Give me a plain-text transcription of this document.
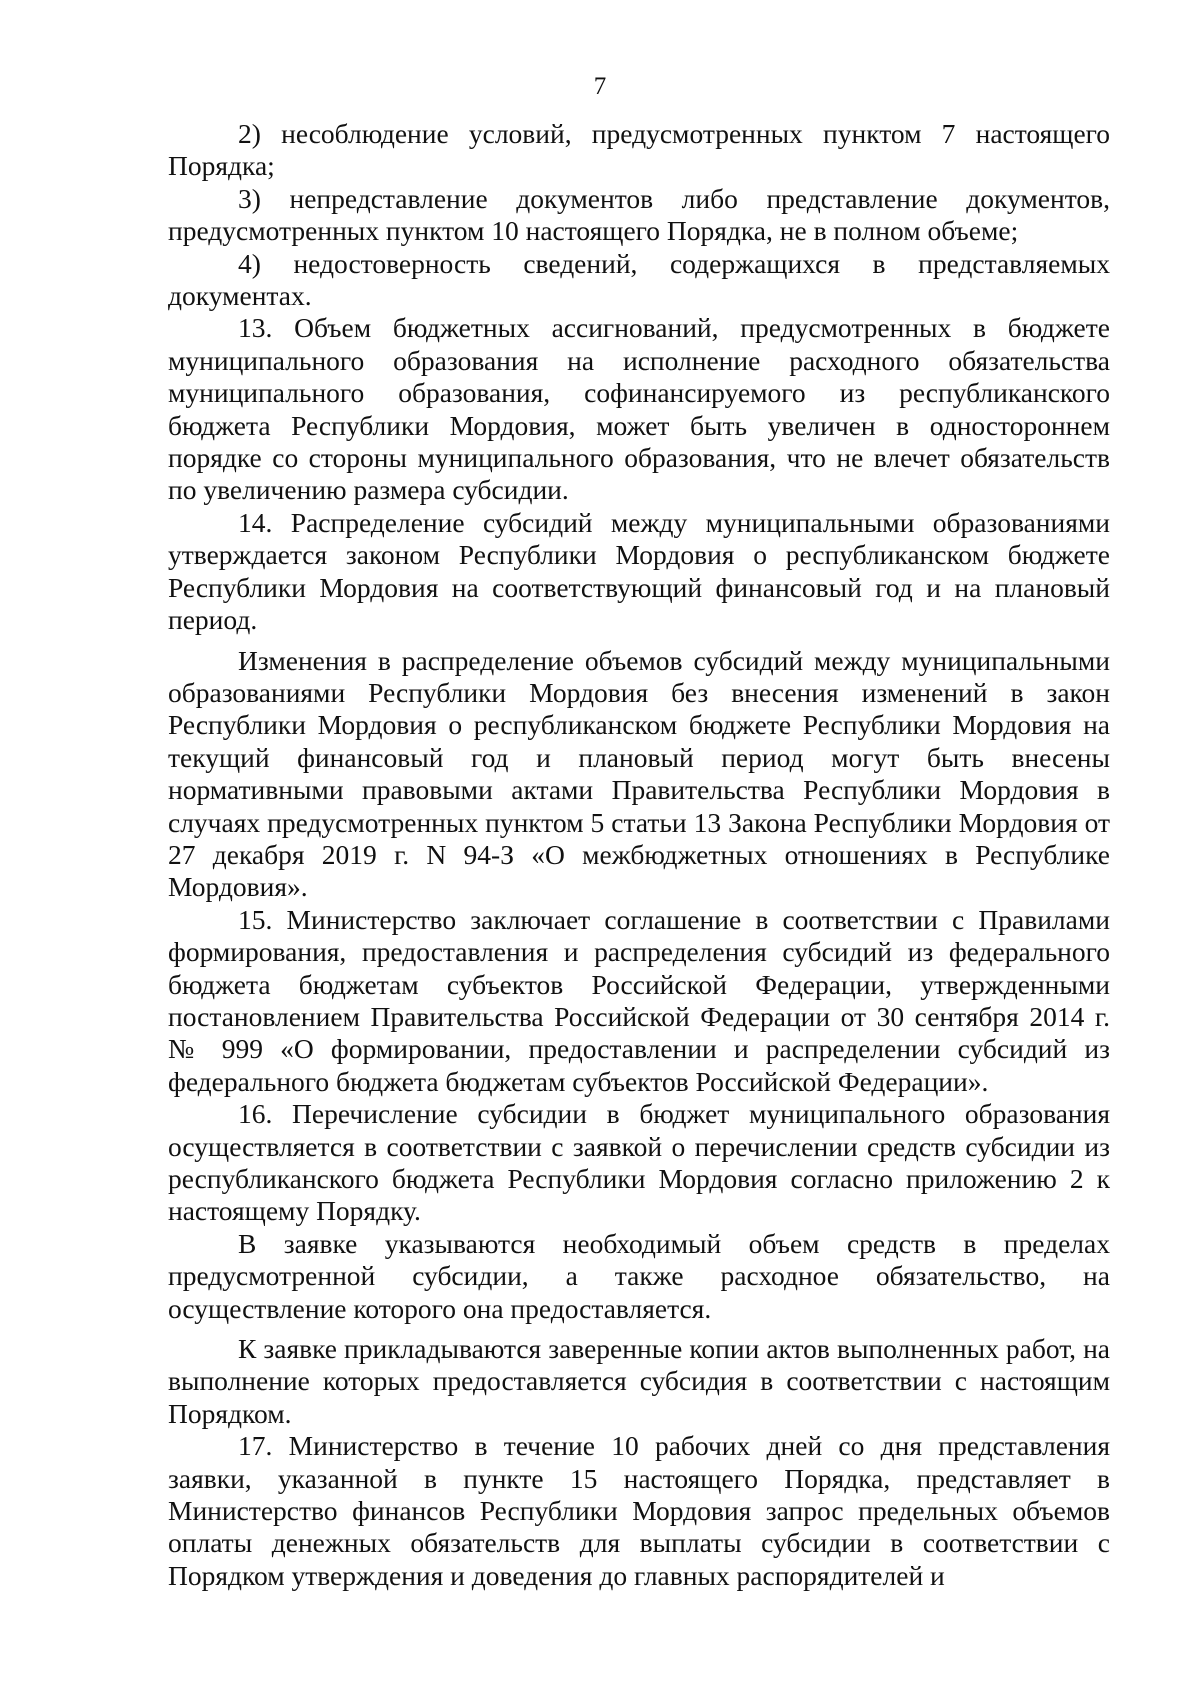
7

2) несоблюдение условий, предусмотренных пунктом 7 настоящего Порядка;

3) непредставление документов либо представление документов, предусмотренных пунктом 10 настоящего Порядка, не в полном объеме;

4) недостоверность сведений, содержащихся в представляемых документах.

13. Объем бюджетных ассигнований, предусмотренных в бюджете муниципального образования на исполнение расходного обязательства муниципального образования, софинансируемого из республиканского бюджета Республики Мордовия, может быть увеличен в одностороннем порядке со стороны муниципального образования, что не влечет обязательств по увеличению размера субсидии.

14. Распределение субсидий между муниципальными образованиями утверждается законом Республики Мордовия о республиканском бюджете Республики Мордовия на соответствующий финансовый год и на плановый период.

Изменения в распределение объемов субсидий между муниципальными образованиями Республики Мордовия без внесения изменений в закон Республики Мордовия о республиканском бюджете Республики Мордовия на текущий финансовый год и плановый период могут быть внесены нормативными правовыми актами Правительства Республики Мордовия в случаях предусмотренных пунктом 5 статьи 13 Закона Республики Мордовия от 27 декабря 2019 г. N 94-З «О межбюджетных отношениях в Республике Мордовия».

15. Министерство заключает соглашение в соответствии с Правилами формирования, предоставления и распределения субсидий из федерального бюджета бюджетам субъектов Российской Федерации, утвержденными постановлением Правительства Российской Федерации от 30 сентября 2014 г. № 999 «О формировании, предоставлении и распределении субсидий из федерального бюджета бюджетам субъектов Российской Федерации».

16. Перечисление субсидии в бюджет муниципального образования осуществляется в соответствии с заявкой о перечислении средств субсидии из республиканского бюджета Республики Мордовия согласно приложению 2 к настоящему Порядку.

В заявке указываются необходимый объем средств в пределах предусмотренной субсидии, а также расходное обязательство, на осуществление которого она предоставляется.

К заявке прикладываются заверенные копии актов выполненных работ, на выполнение которых предоставляется субсидия в соответствии с настоящим Порядком.

17. Министерство в течение 10 рабочих дней со дня представления заявки, указанной в пункте 15 настоящего Порядка, представляет в Министерство финансов Республики Мордовия запрос предельных объемов оплаты денежных обязательств для выплаты субсидии в соответствии с Порядком утверждения и доведения до главных распорядителей и
